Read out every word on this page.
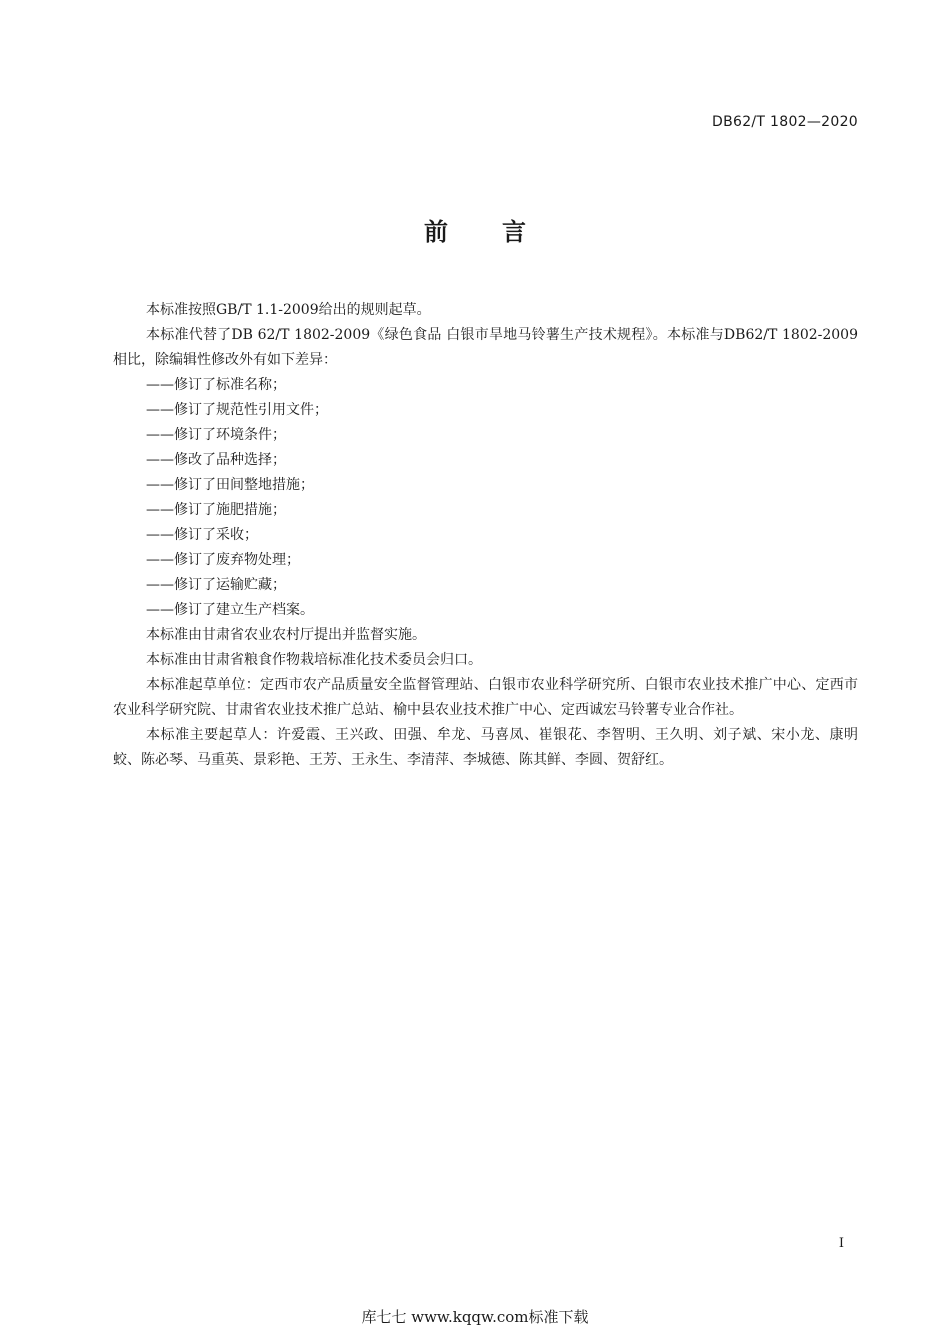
DB62/T 1802—2020
前 言

本标准按照GB/T 1.1-2009给出的规则起草。

本标准代替了DB 62/T 1802-2009《绿色食品 白银市旱地马铃薯生产技术规程》。本标准与DB62/T 1802-2009相比，除编辑性修改外有如下差异：

——修订了标准名称；

——修订了规范性引用文件；

——修订了环境条件；

——修改了品种选择；

——修订了田间整地措施；

——修订了施肥措施；

——修订了采收；

——修订了废弃物处理；

——修订了运输贮藏；

——修订了建立生产档案。

本标准由甘肃省农业农村厅提出并监督实施。

本标准由甘肃省粮食作物栽培标准化技术委员会归口。

本标准起草单位：定西市农产品质量安全监督管理站、白银市农业科学研究所、白银市农业技术推广中心、定西市农业科学研究院、甘肃省农业技术推广总站、榆中县农业技术推广中心、定西诚宏马铃薯专业合作社。

本标准主要起草人：许爱霞、王兴政、田强、牟龙、马喜凤、崔银花、李智明、王久明、刘子斌、宋小龙、康明蛟、陈必琴、马重英、景彩艳、王芳、王永生、李清萍、李城德、陈其鲜、李圆、贺舒红。

I
库七七 www.kqqw.com标准下载
